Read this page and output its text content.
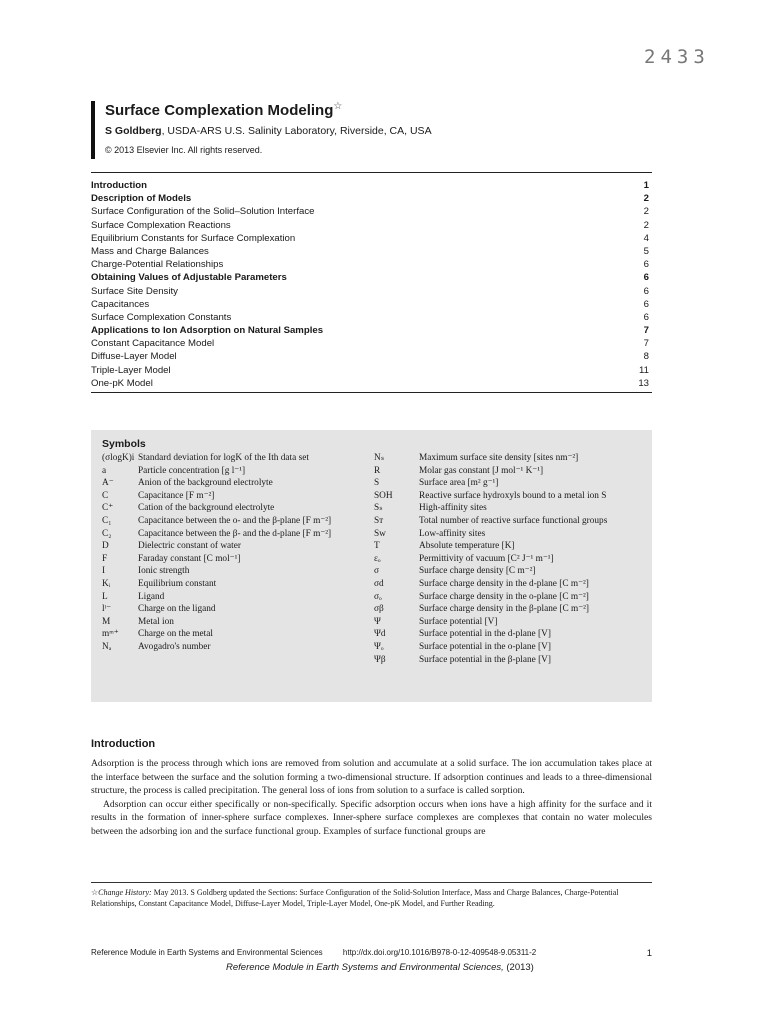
2433
Surface Complexation Modeling☆
S Goldberg, USDA-ARS U.S. Salinity Laboratory, Riverside, CA, USA
© 2013 Elsevier Inc. All rights reserved.
Introduction	1
Description of Models	2
Surface Configuration of the Solid–Solution Interface	2
Surface Complexation Reactions	2
Equilibrium Constants for Surface Complexation	4
Mass and Charge Balances	5
Charge-Potential Relationships	6
Obtaining Values of Adjustable Parameters	6
Surface Site Density	6
Capacitances	6
Surface Complexation Constants	6
Applications to Ion Adsorption on Natural Samples	7
Constant Capacitance Model	7
Diffuse-Layer Model	8
Triple-Layer Model	11
One-pK Model	13
Symbols
(σlogK)i Standard deviation for logK of the Ith data set
a	Particle concentration [g l⁻¹]
A⁻	Anion of the background electrolyte
C	Capacitance [F m⁻²]
C⁺	Cation of the background electrolyte
C₁	Capacitance between the o- and the β-plane [F m⁻²]
C₂	Capacitance between the β- and the d-plane [F m⁻²]
D	Dielectric constant of water
F	Faraday constant [C mol⁻¹]
I	Ionic strength
Kᵢ	Equilibrium constant
L	Ligand
lˡ⁻	Charge on the ligand
M	Metal ion
mᵐ⁺	Charge on the metal
Nₐ	Avogadro's number
Nₛ	Maximum surface site density [sites nm⁻²]
R	Molar gas constant [J mol⁻¹ K⁻¹]
S	Surface area [m² g⁻¹]
SOH	Reactive surface hydroxyls bound to a metal ion S
Sₛ	High-affinity sites
Sᴛ	Total number of reactive surface functional groups
Sᴡ	Low-affinity sites
T	Absolute temperature [K]
εₒ	Permittivity of vacuum [C² J⁻¹ m⁻¹]
σ	Surface charge density [C m⁻²]
σd	Surface charge density in the d-plane [C m⁻²]
σₒ	Surface charge density in the o-plane [C m⁻²]
σβ	Surface charge density in the β-plane [C m⁻²]
Ψ	Surface potential [V]
Ψd	Surface potential in the d-plane [V]
Ψₒ	Surface potential in the o-plane [V]
Ψβ	Surface potential in the β-plane [V]
Introduction

Adsorption is the process through which ions are removed from solution and accumulate at a solid surface. The ion accumulation takes place at the interface between the surface and the solution forming a two-dimensional structure. If adsorption continues and leads to a three-dimensional structure, the process is called precipitation. The general loss of ions from solution to a surface is called sorption.

Adsorption can occur either specifically or non-specifically. Specific adsorption occurs when ions have a high affinity for the surface and it results in the formation of inner-sphere surface complexes. Inner-sphere surface complexes are complexes that contain no water molecules between the adsorbing ion and the surface functional group. Examples of surface functional groups are

☆Change History: May 2013. S Goldberg updated the Sections: Surface Configuration of the Solid-Solution Interface, Mass and Charge Balances, Charge-Potential Relationships, Constant Capacitance Model, Diffuse-Layer Model, Triple-Layer Model, One-pK Model, and Further Reading.
Reference Module in Earth Systems and Environmental Sciences	http://dx.doi.org/10.1016/B978-0-12-409548-9.05311-2	1
Reference Module in Earth Systems and Environmental Sciences, (2013)
